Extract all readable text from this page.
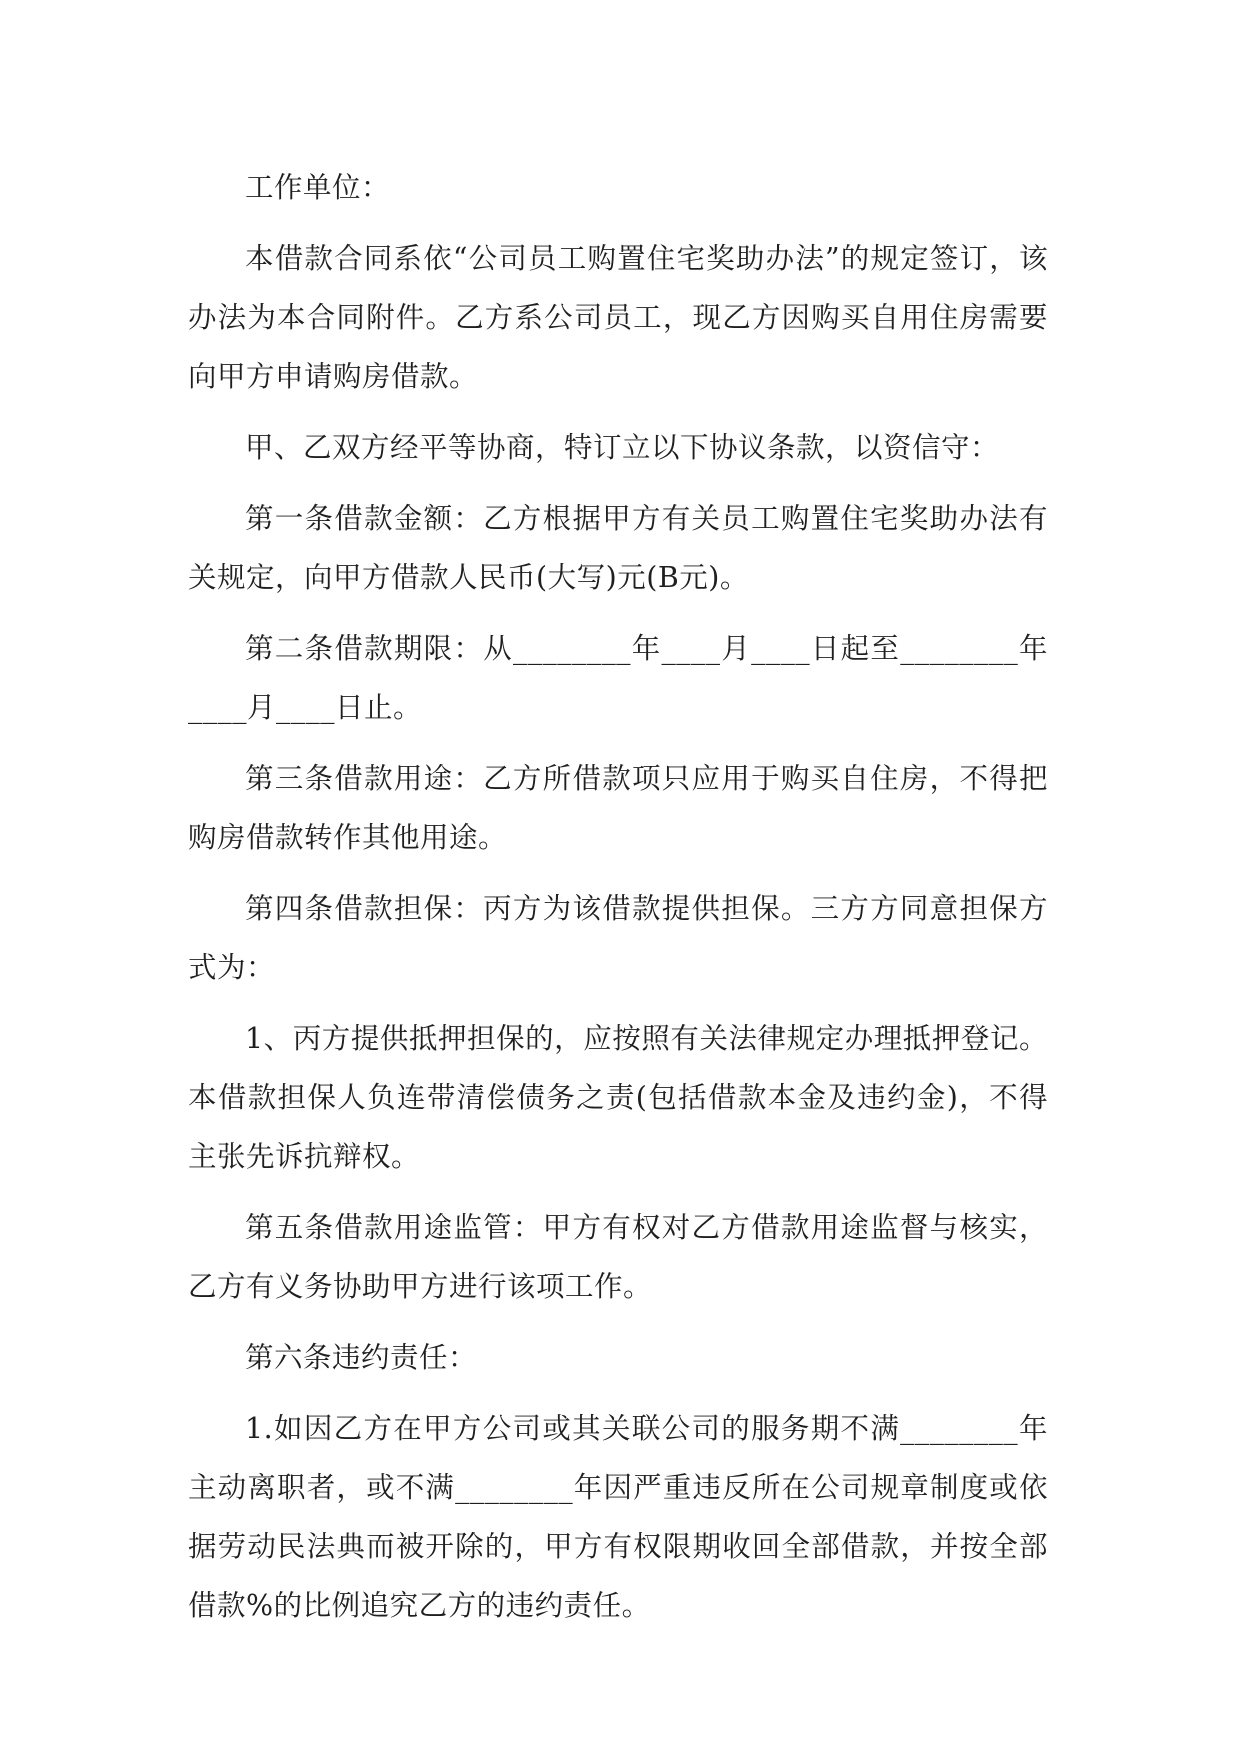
工作单位：

本借款合同系依“公司员工购置住宅奖助办法”的规定签订，该办法为本合同附件。乙方系公司员工，现乙方因购买自用住房需要向甲方申请购房借款。

甲、乙双方经平等协商，特订立以下协议条款，以资信守：

第一条借款金额：乙方根据甲方有关员工购置住宅奖助办法有关规定，向甲方借款人民币(大写)元(B元)。

第二条借款期限：从________年____月____日起至________年____月____日止。

第三条借款用途：乙方所借款项只应用于购买自住房，不得把购房借款转作其他用途。

第四条借款担保：丙方为该借款提供担保。三方方同意担保方式为：

1、丙方提供抵押担保的，应按照有关法律规定办理抵押登记。本借款担保人负连带清偿债务之责(包括借款本金及违约金)，不得主张先诉抗辩权。

第五条借款用途监管：甲方有权对乙方借款用途监督与核实，乙方有义务协助甲方进行该项工作。

第六条违约责任：

1.如因乙方在甲方公司或其关联公司的服务期不满________年主动离职者，或不满________年因严重违反所在公司规章制度或依据劳动民法典而被开除的，甲方有权限期收回全部借款，并按全部借款%的比例追究乙方的违约责任。
